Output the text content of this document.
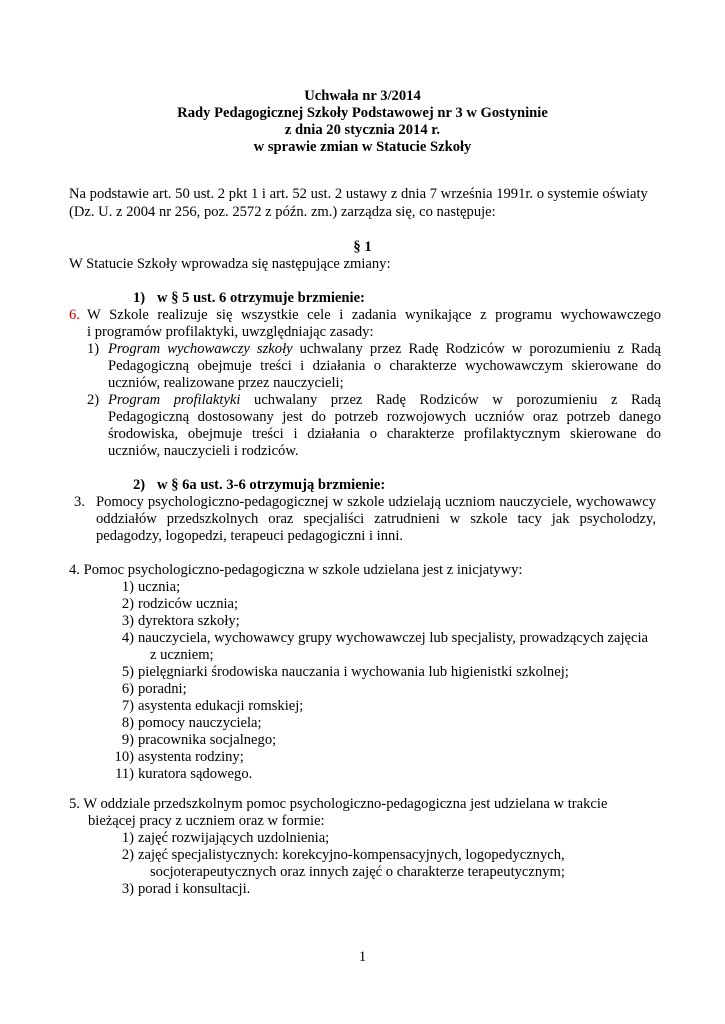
Uchwała nr 3/2014
Rady Pedagogicznej Szkoły Podstawowej nr 3 w Gostyninie
z dnia 20 stycznia 2014 r.
w sprawie zmian w Statucie Szkoły
Na podstawie art. 50 ust. 2 pkt 1 i art. 52 ust. 2 ustawy z dnia 7 września 1991r. o systemie oświaty
(Dz. U. z 2004 nr 256, poz. 2572 z późn. zm.) zarządza się, co następuje:
§ 1
W Statucie Szkoły wprowadza się następujące zmiany:
1) w § 5 ust. 6 otrzymuje brzmienie:
6. W Szkole realizuje się wszystkie cele i zadania wynikające z programu wychowawczego
i programów profilaktyki, uwzględniając zasady:
1) Program wychowawczy szkoły uchwalany przez Radę Rodziców w porozumieniu z Radą
Pedagogiczną obejmuje treści i działania o charakterze wychowawczym skierowane do
uczniów, realizowane przez nauczycieli;
2) Program profilaktyki uchwalany przez Radę Rodziców w porozumieniu z Radą
Pedagogiczną dostosowany jest do potrzeb rozwojowych uczniów oraz potrzeb danego
środowiska, obejmuje treści i działania o charakterze profilaktycznym skierowane do
uczniów, nauczycieli i rodziców.
2) w § 6a ust. 3-6 otrzymują brzmienie:
3. Pomocy psychologiczno-pedagogicznej w szkole udzielają uczniom nauczyciele, wychowawcy
oddziałów przedszkolnych oraz specjaliści zatrudnieni w szkole tacy jak psycholodzy,
pedagodzy, logopedzi, terapeuci pedagogiczni i inni.
4. Pomoc psychologiczno-pedagogiczna w szkole udzielana jest z inicjatywy:
1) ucznia;
2) rodziców ucznia;
3) dyrektora szkoły;
4) nauczyciela, wychowawcy grupy wychowawczej lub specjalisty, prowadzących zajęcia
z uczniem;
5) pielęgniarki środowiska nauczania i wychowania lub higienistki szkolnej;
6) poradni;
7) asystenta edukacji romskiej;
8) pomocy nauczyciela;
9) pracownika socjalnego;
10) asystenta rodziny;
11) kuratora sądowego.
5. W oddziale przedszkolnym pomoc psychologiczno-pedagogiczna jest udzielana w trakcie
bieżącej pracy z uczniem oraz w formie:
1) zajęć rozwijających uzdolnienia;
2) zajęć specjalistycznych: korekcyjno-kompensacyjnych, logopedycznych,
socjoterapeutycznych oraz innych zajęć o charakterze terapeutycznym;
3) porad i konsultacji.
1
